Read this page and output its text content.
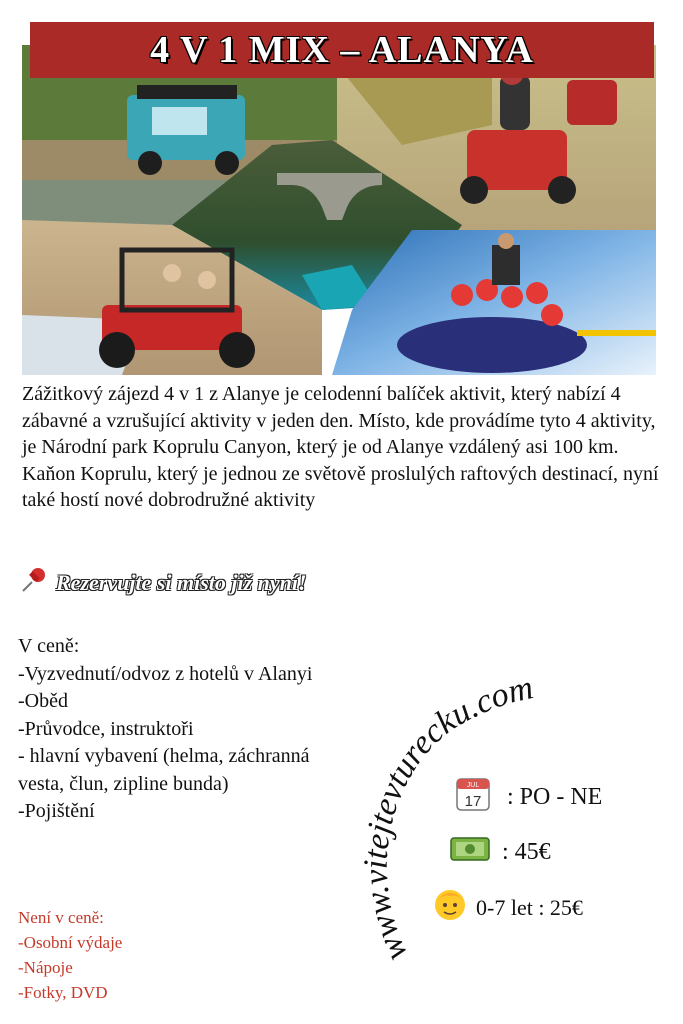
4 V 1 MIX – ALANYA
Zážitkový zájezd 4 v 1 z Alanye je celodenní balíček aktivit, který nabízí 4 zábavné a vzrušující aktivity v jeden den. Místo, kde provádíme tyto 4 aktivity, je Národní park Koprulu Canyon, který je od Alanye vzdálený asi 100 km. Kaňon Koprulu, který je jednou ze světově proslulých raftových destinací, nyní také hostí nové dobrodružné aktivity
Rezervujte si místo již nyní!
V ceně:
-Vyzvednutí/odvoz z hotelů v Alanyi
-Oběd
-Průvodce, instruktoři
- hlavní vybavení (helma, záchranná vesta, člun, zipline bunda)
-Pojištění
Není v ceně:
-Osobní výdaje
-Nápoje
-Fotky, DVD
www.vitejtevturecku.com
JUL
17 : PO - NE
: 45€
0-7 let : 25€
